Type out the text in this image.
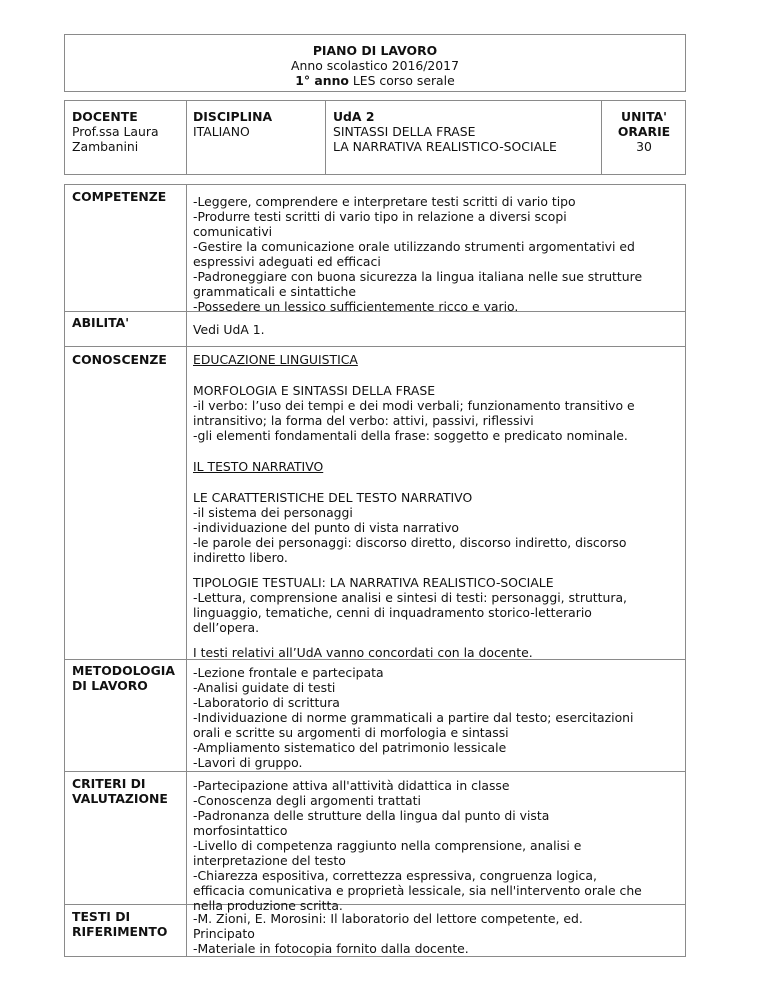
PIANO DI LAVORO
Anno scolastico 2016/2017
1° anno LES corso serale
DOCENTE
Prof.ssa Laura
Zambanini
DISCIPLINA
ITALIANO
UdA 2
SINTASSI DELLA FRASE
LA NARRATIVA REALISTICO-SOCIALE
UNITA'
ORARIE
30
COMPETENZE -Leggere, comprendere e interpretare testi scritti di vario tipo
-Produrre testi scritti di vario tipo in relazione a diversi scopi
comunicativi
-Gestire la comunicazione orale utilizzando strumenti argomentativi ed
espressivi adeguati ed efficaci
-Padroneggiare con buona sicurezza la lingua italiana nelle sue strutture
grammaticali e sintattiche
-Possedere un lessico sufficientemente ricco e vario.
ABILITA'	Vedi UdA 1.
CONOSCENZE EDUCAZIONE LINGUISTICA
MORFOLOGIA E SINTASSI DELLA FRASE
-il verbo: l’uso dei tempi e dei modi verbali; funzionamento transitivo e
intransitivo; la forma del verbo: attivi, passivi, riflessivi
-gli elementi fondamentali della frase: soggetto e predicato nominale.
IL TESTO NARRATIVO
LE CARATTERISTICHE DEL TESTO NARRATIVO
-il sistema dei personaggi
-individuazione del punto di vista narrativo
-le parole dei personaggi: discorso diretto, discorso indiretto, discorso
indiretto libero.
TIPOLOGIE TESTUALI: LA NARRATIVA REALISTICO-SOCIALE
-Lettura, comprensione analisi e sintesi di testi: personaggi, struttura,
linguaggio, tematiche, cenni di inquadramento storico-letterario
dell’opera.
I testi relativi all’UdA vanno concordati con la docente.
METODOLOGIA
DI LAVORO
-Lezione frontale e partecipata
-Analisi guidate di testi
-Laboratorio di scrittura
-Individuazione di norme grammaticali a partire dal testo; esercitazioni
orali e scritte su argomenti di morfologia e sintassi
-Ampliamento sistematico del patrimonio lessicale
-Lavori di gruppo.
CRITERI DI
VALUTAZIONE
-Partecipazione attiva all'attività didattica in classe
-Conoscenza degli argomenti trattati
-Padronanza delle strutture della lingua dal punto di vista
morfosintattico
-Livello di competenza raggiunto nella comprensione, analisi e
interpretazione del testo
-Chiarezza espositiva, correttezza espressiva, congruenza logica,
efficacia comunicativa e proprietà lessicale, sia nell'intervento orale che
nella produzione scritta.
TESTI DI
RIFERIMENTO
-M. Zioni, E. Morosini: Il laboratorio del lettore competente, ed.
Principato
-Materiale in fotocopia fornito dalla docente.
